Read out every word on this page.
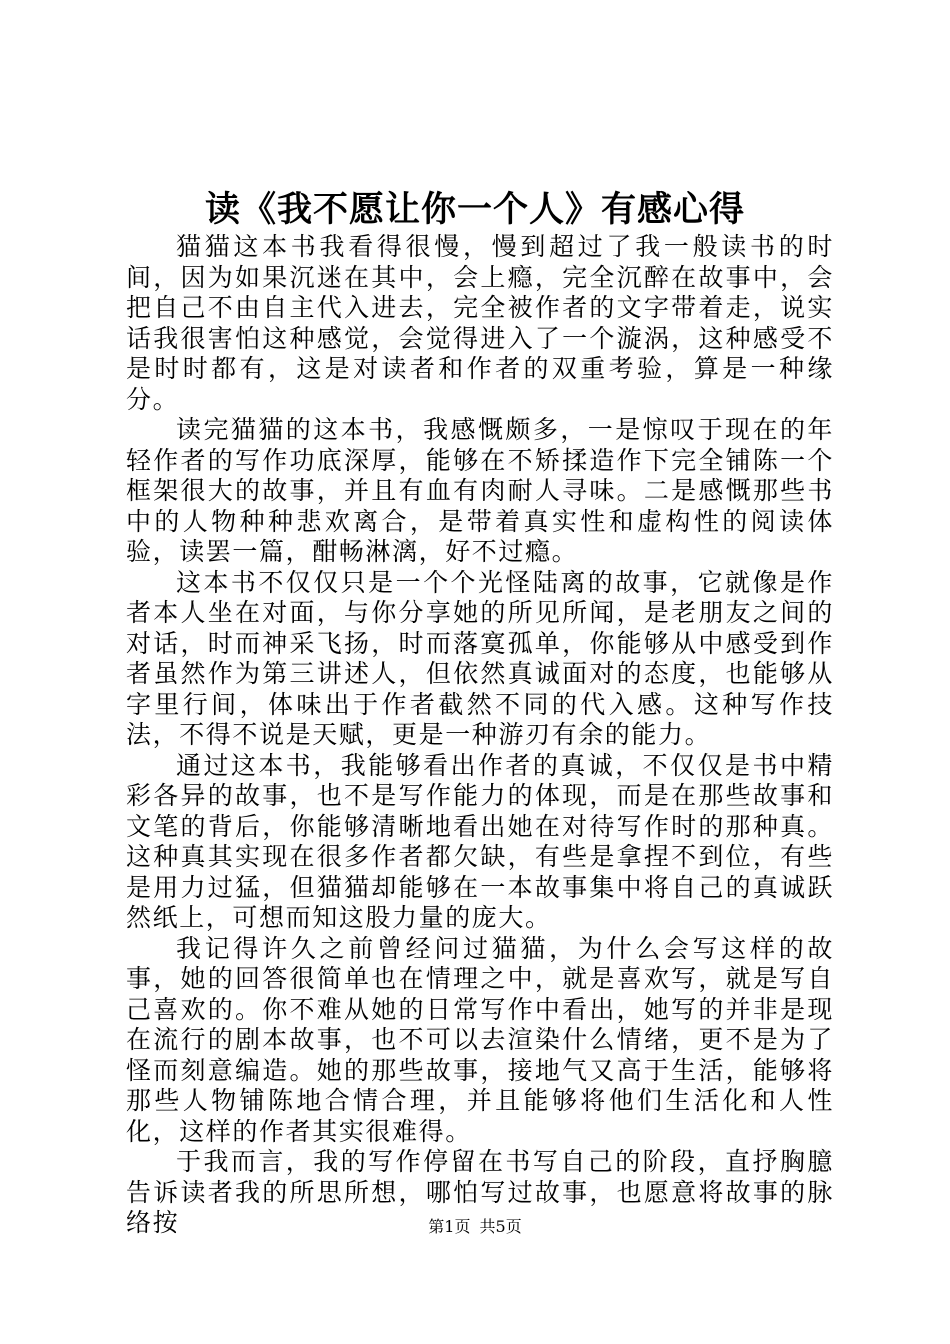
读《我不愿让你一个人》有感心得

猫猫这本书我看得很慢，慢到超过了我一般读书的时间，因为如果沉迷在其中，会上瘾，完全沉醉在故事中，会把自己不由自主代入进去，完全被作者的文字带着走，说实话我很害怕这种感觉，会觉得进入了一个漩涡，这种感受不是时时都有，这是对读者和作者的双重考验，算是一种缘分。

读完猫猫的这本书，我感慨颇多，一是惊叹于现在的年轻作者的写作功底深厚，能够在不矫揉造作下完全铺陈一个框架很大的故事，并且有血有肉耐人寻味。二是感慨那些书中的人物种种悲欢离合，是带着真实性和虚构性的阅读体验，读罢一篇，酣畅淋漓，好不过瘾。

这本书不仅仅只是一个个光怪陆离的故事，它就像是作者本人坐在对面，与你分享她的所见所闻，是老朋友之间的对话，时而神采飞扬，时而落寞孤单，你能够从中感受到作者虽然作为第三讲述人，但依然真诚面对的态度，也能够从字里行间，体味出于作者截然不同的代入感。这种写作技法，不得不说是天赋，更是一种游刃有余的能力。

通过这本书，我能够看出作者的真诚，不仅仅是书中精彩各异的故事，也不是写作能力的体现，而是在那些故事和文笔的背后，你能够清晰地看出她在对待写作时的那种真。这种真其实现在很多作者都欠缺，有些是拿捏不到位，有些是用力过猛，但猫猫却能够在一本故事集中将自己的真诚跃然纸上，可想而知这股力量的庞大。

我记得许久之前曾经问过猫猫，为什么会写这样的故事，她的回答很简单也在情理之中，就是喜欢写，就是写自己喜欢的。你不难从她的日常写作中看出，她写的并非是现在流行的剧本故事，也不可以去渲染什么情绪，更不是为了怪而刻意编造。她的那些故事，接地气又高于生活，能够将那些人物铺陈地合情合理，并且能够将他们生活化和人性化，这样的作者其实很难得。

于我而言，我的写作停留在书写自己的阶段，直抒胸臆告诉读者我的所思所想，哪怕写过故事，也愿意将故事的脉络按	第1页 共5页
